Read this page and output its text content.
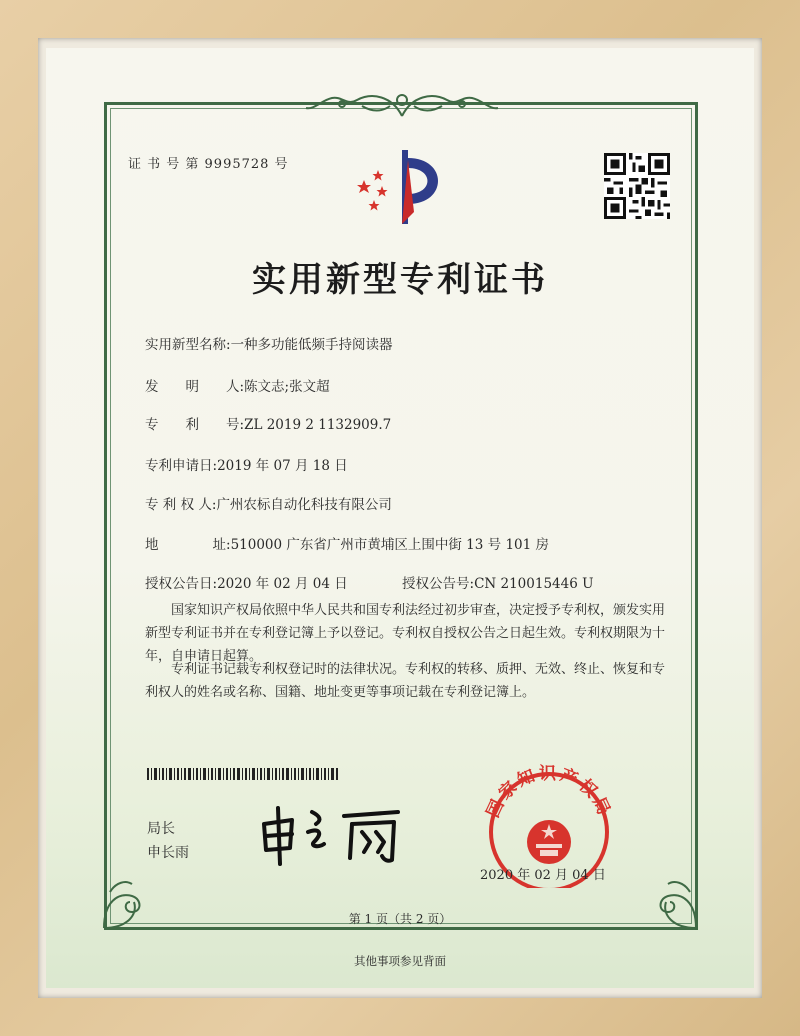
证 书 号 第 9995728 号
实用新型专利证书
实用新型名称:一种多功能低频手持阅读器
发　　明　　人:陈文志;张文超
专　　利　　号:ZL 2019 2 1132909.7
专利申请日:2019 年 07 月 18 日
专 利 权 人:广州农标自动化科技有限公司
地　　　　址:510000 广东省广州市黄埔区上围中街 13 号 101 房
授权公告日:2020 年 02 月 04 日	授权公告号:CN 210015446 U
国家知识产权局依照中华人民共和国专利法经过初步审查，决定授予专利权，颁发实用新型专利证书并在专利登记簿上予以登记。专利权自授权公告之日起生效。专利权期限为十年，自申请日起算。
专利证书记载专利权登记时的法律状况。专利权的转移、质押、无效、终止、恢复和专利权人的姓名或名称、国籍、地址变更等事项记载在专利登记簿上。
局长
申长雨
国家知识产权局
2020 年 02 月 04 日
第 1 页（共 2 页）
其他事项参见背面
